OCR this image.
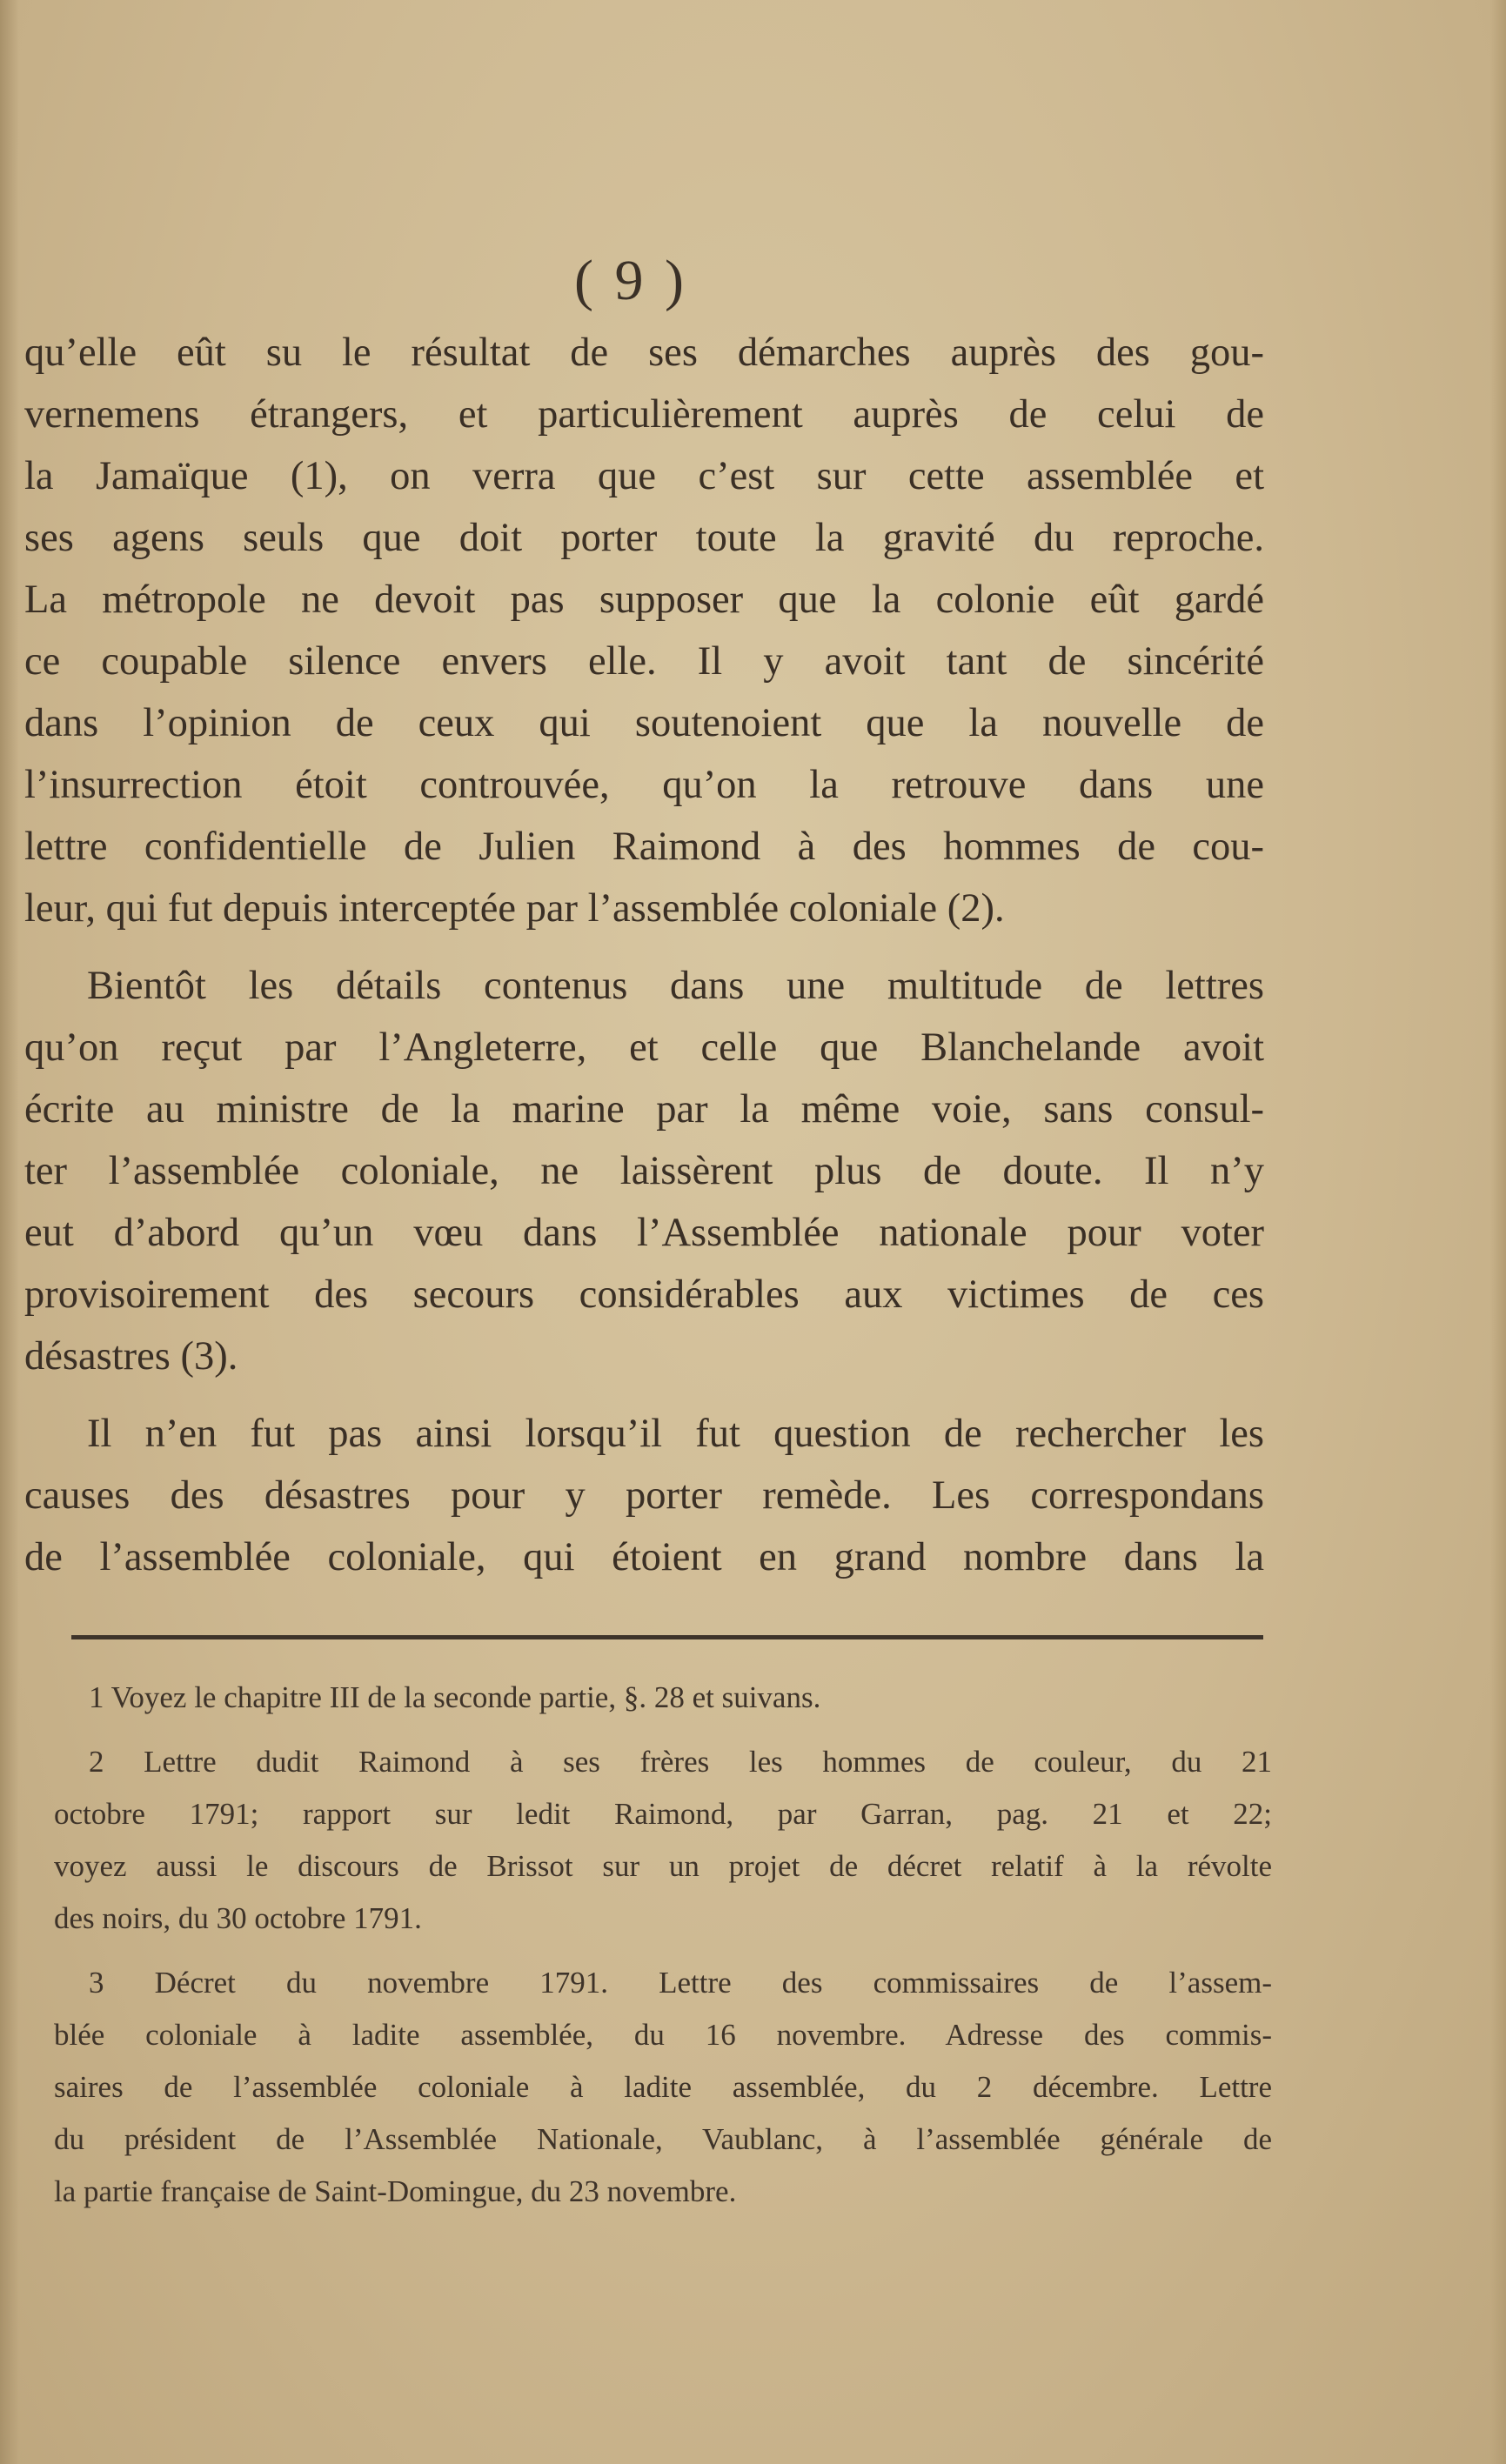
( 9 )
qu’elle eût su le résultat de ses démarches auprès des gou-
vernemens étrangers, et particulièrement auprès de celui de
la Jamaïque (1), on verra que c’est sur cette assemblée et
ses agens seuls que doit porter toute la gravité du reproche.
La métropole ne devoit pas supposer que la colonie eût gardé
ce coupable silence envers elle. Il y avoit tant de sincérité
dans l’opinion de ceux qui soutenoient que la nouvelle de
l’insurrection étoit controuvée, qu’on la retrouve dans une
lettre confidentielle de Julien Raimond à des hommes de cou-
leur, qui fut depuis interceptée par l’assemblée coloniale (2).
Bientôt les détails contenus dans une multitude de lettres
qu’on reçut par l’Angleterre, et celle que Blanchelande avoit
écrite au ministre de la marine par la même voie, sans consul-
ter l’assemblée coloniale, ne laissèrent plus de doute. Il n’y
eut d’abord qu’un vœu dans l’Assemblée nationale pour voter
provisoirement des secours considérables aux victimes de ces
désastres (3).
Il n’en fut pas ainsi lorsqu’il fut question de rechercher les
causes des désastres pour y porter remède. Les correspondans
de l’assemblée coloniale, qui étoient en grand nombre dans la
1 Voyez le chapitre III de la seconde partie, §. 28 et suivans.
2 Lettre dudit Raimond à ses frères les hommes de couleur, du 21
octobre 1791; rapport sur ledit Raimond, par Garran, pag. 21 et 22;
voyez aussi le discours de Brissot sur un projet de décret relatif à la révolte
des noirs, du 30 octobre 1791.
3 Décret du novembre 1791. Lettre des commissaires de l’assem-
blée coloniale à ladite assemblée, du 16 novembre. Adresse des commis-
saires de l’assemblée coloniale à ladite assemblée, du 2 décembre. Lettre
du président de l’Assemblée Nationale, Vaublanc, à l’assemblée générale de
la partie française de Saint-Domingue, du 23 novembre.
